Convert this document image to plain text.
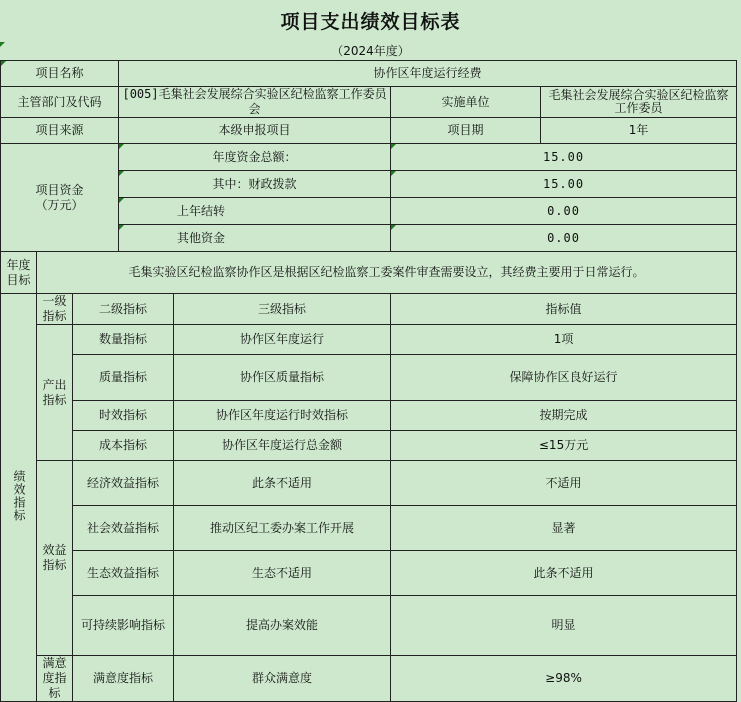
项目支出绩效目标表
（2024年度）
项目名称			协作区年度运行经费			
主管部门及代码			[005]毛集社会发展综合实验区纪检监察工作委员会		实施单位	毛集社会发展综合实验区纪检监察工作委员
项目来源			本级申报项目		项目期	1年
项目资金
（万元）			年度资金总额：		15.00	
			其中：财政拨款		15.00	
			上年结转		0.00	
			其他资金		0.00	
年度目标	毛集实验区纪检监察协作区是根据区纪检监察工委案件审查需要设立，其经费主要用于日常运行。					
绩效指标	一级指标	二级指标		三级指标	指标值	
	产出指标	数量指标		协作区年度运行	1项	
		质量指标		协作区质量指标	保障协作区良好运行	
		时效指标		协作区年度运行时效指标	按期完成	
		成本指标		协作区年度运行总金额	≤15万元	
	效益指标	经济效益指标		此条不适用	不适用	
		社会效益指标		推动区纪工委办案工作开展	显著	
		生态效益指标		生态不适用	此条不适用	
		可持续影响指标		提高办案效能	明显	
	满意度指标	满意度指标		群众满意度	≥98%	
